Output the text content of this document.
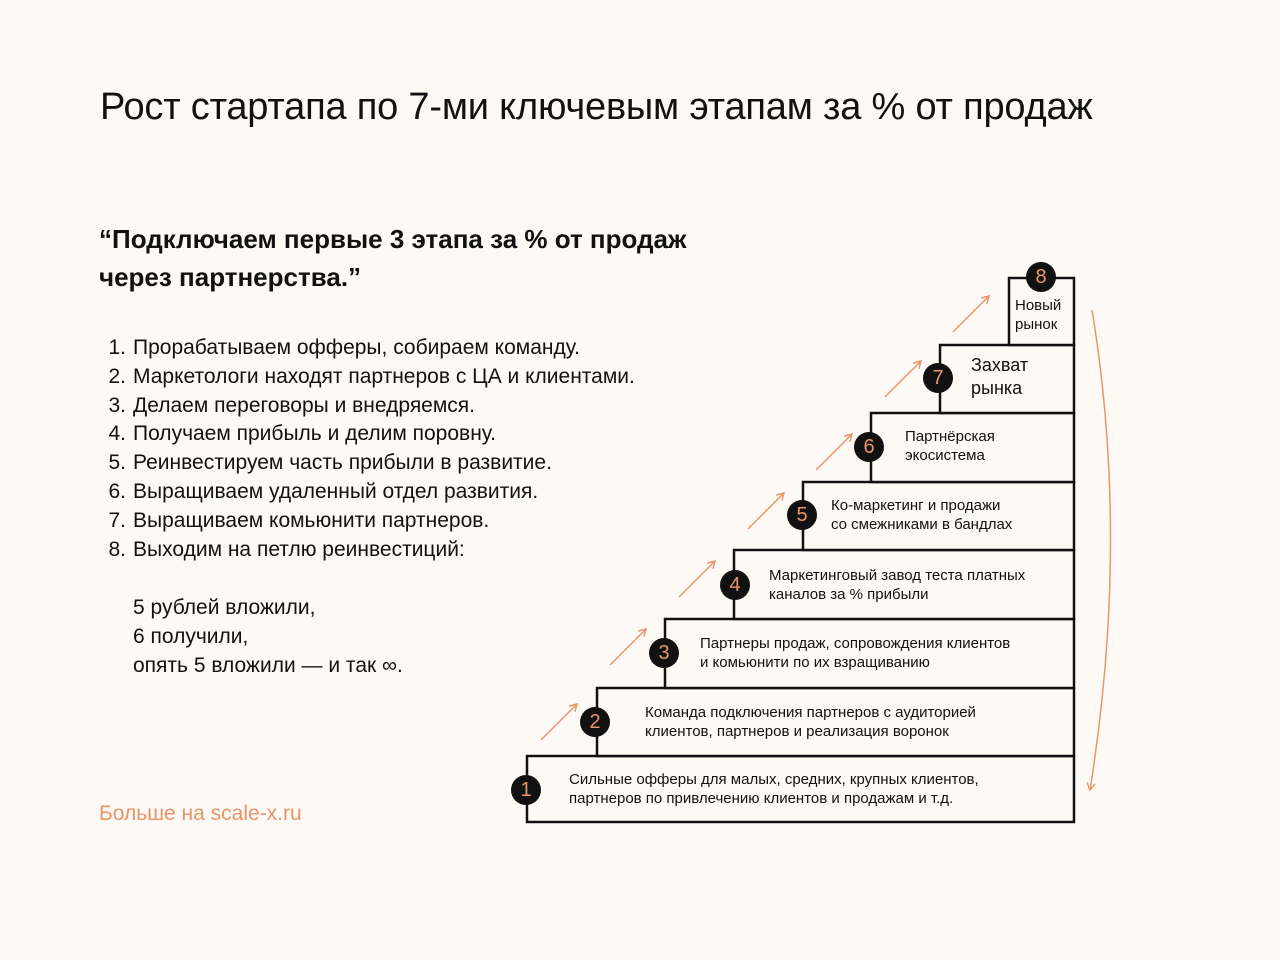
Рост стартапа по 7-ми ключевым этапам за % от продаж
“Подключаем первые 3 этапа за % от продаж через партнерства.”
1. Прорабатываем офферы, собираем команду.
2. Маркетологи находят партнеров с ЦА и клиентами.
3. Делаем переговоры и внедряемся.
4. Получаем прибыль и делим поровну.
5. Реинвестируем часть прибыли в развитие.
6. Выращиваем удаленный отдел развития.
7. Выращиваем комьюнити партнеров.
8. Выходим на петлю реинвестиций:
5 рублей вложили,
6 получили,
опять 5 вложили — и так ∞.
Больше на scale-x.ru
1	Сильные офферы для малых, средних, крупных клиентов,
партнеров по привлечению клиентов и продажам и т.д.
2	Команда подключения партнеров с аудиторией
клиентов, партнеров и реализация воронок
3	Партнеры продаж, сопровождения клиентов
и комьюнити по их взращиванию
4	Маркетинговый завод теста платных
каналов за % прибыли
5	Ко-маркетинг и продажи
со смежниками в бандлах
6	Партнёрская
экосистема
7
Захват
рынка
8
Новый
рынок
